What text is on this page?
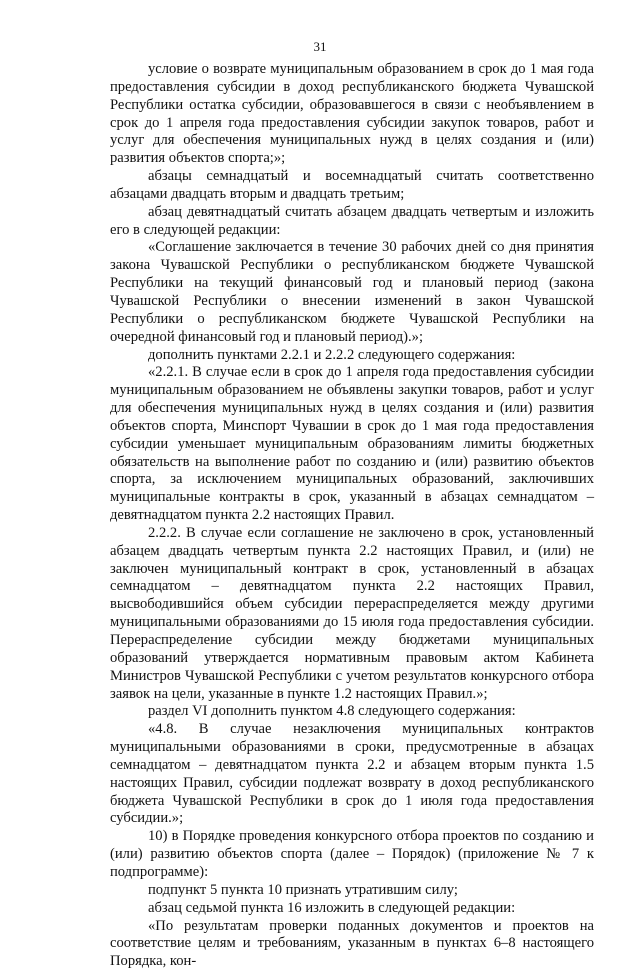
31

условие о возврате муниципальным образованием в срок до 1 мая года предоставления субсидии в доход республиканского бюджета Чувашской Республики остатка субсидии, образовавшегося в связи с необъявлением в срок до 1 апреля года предоставления субсидии закупок товаров, работ и услуг для обеспечения муниципальных нужд в целях создания и (или) развития объектов спорта;»;

абзацы семнадцатый и восемнадцатый считать соответственно абзацами двадцать вторым и двадцать третьим;

абзац девятнадцатый считать абзацем двадцать четвертым и изложить его в следующей редакции:

«Соглашение заключается в течение 30 рабочих дней со дня принятия закона Чувашской Республики о республиканском бюджете Чувашской Республики на текущий финансовый год и плановый период (закона Чувашской Республики о внесении изменений в закон Чувашской Республики о республиканском бюджете Чувашской Республики на очередной финансовый год и плановый период).»;

дополнить пунктами 2.2.1 и 2.2.2 следующего содержания:

«2.2.1. В случае если в срок до 1 апреля года предоставления субсидии муниципальным образованием не объявлены закупки товаров, работ и услуг для обеспечения муниципальных нужд в целях создания и (или) развития объектов спорта, Минспорт Чувашии в срок до 1 мая года предоставления субсидии уменьшает муниципальным образованиям лимиты бюджетных обязательств на выполнение работ по созданию и (или) развитию объектов спорта, за исключением муниципальных образований, заключивших муниципальные контракты в срок, указанный в абзацах семнадцатом – девятнадцатом пункта 2.2 настоящих Правил.

2.2.2. В случае если соглашение не заключено в срок, установленный абзацем двадцать четвертым пункта 2.2 настоящих Правил, и (или) не заключен муниципальный контракт в срок, установленный в абзацах семнадцатом – девятнадцатом пункта 2.2 настоящих Правил, высвободившийся объем субсидии перераспределяется между другими муниципальными образованиями до 15 июля года предоставления субсидии. Перераспределение субсидии между бюджетами муниципальных образований утверждается нормативным правовым актом Кабинета Министров Чувашской Республики с учетом результатов конкурсного отбора заявок на цели, указанные в пункте 1.2 настоящих Правил.»;

раздел VI дополнить пунктом 4.8 следующего содержания:

«4.8. В случае незаключения муниципальных контрактов муниципальными образованиями в сроки, предусмотренные в абзацах семнадцатом – девятнадцатом пункта 2.2 и абзацем вторым пункта 1.5 настоящих Правил, субсидии подлежат возврату в доход республиканского бюджета Чувашской Республики в срок до 1 июля года предоставления субсидии.»;

10) в Порядке проведения конкурсного отбора проектов по созданию и (или) развитию объектов спорта (далее – Порядок) (приложение № 7 к подпрограмме):

подпункт 5 пункта 10 признать утратившим силу;

абзац седьмой пункта 16 изложить в следующей редакции:

«По результатам проверки поданных документов и проектов на соответствие целям и требованиям, указанным в пунктах 6–8 настоящего Порядка, кон-
